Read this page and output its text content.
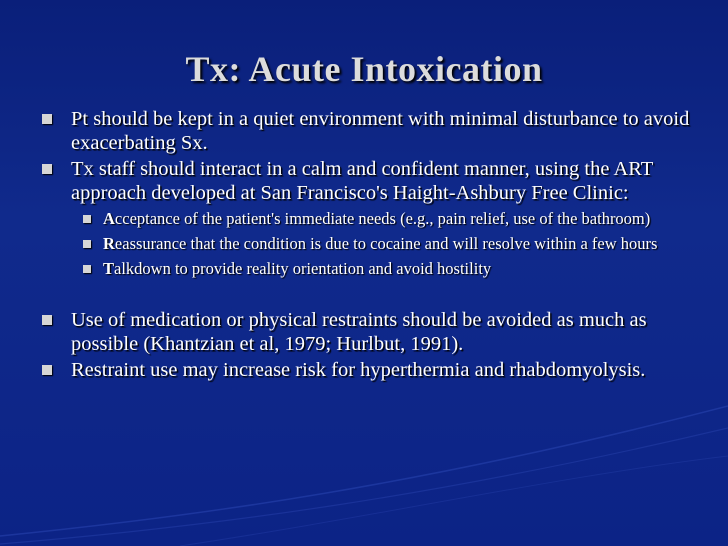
Tx: Acute Intoxication
Pt should be kept in a quiet environment with minimal disturbance to avoid exacerbating Sx.
Tx staff should interact in a calm and confident manner, using the ART approach developed at San Francisco's Haight-Ashbury Free Clinic:
Acceptance of the patient's immediate needs (e.g., pain relief, use of the bathroom)
Reassurance that the condition is due to cocaine and will resolve within a few hours
Talkdown to provide reality orientation and avoid hostility
Use of medication or physical restraints should be avoided as much as possible (Khantzian et al, 1979; Hurlbut, 1991).
Restraint use may increase risk for hyperthermia and rhabdomyolysis.
